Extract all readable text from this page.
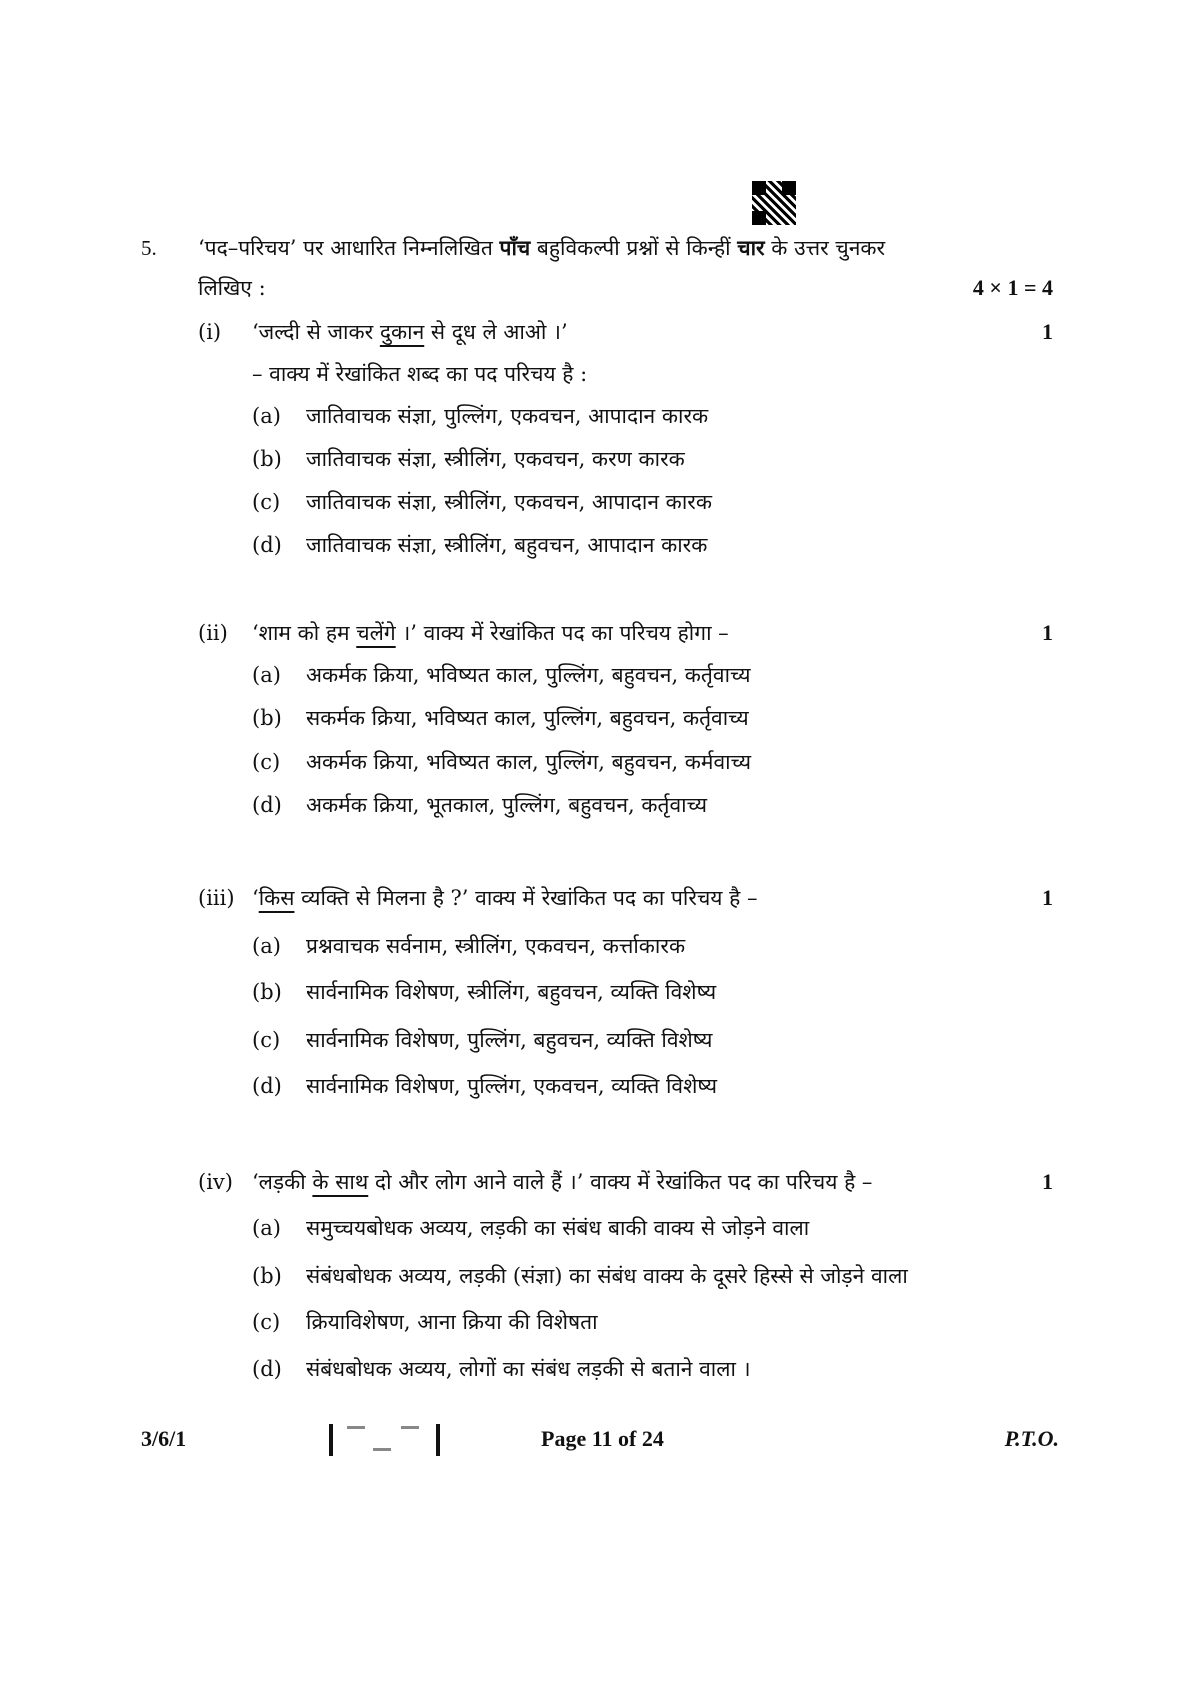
5. ‘पद–परिचय’ पर आधारित निम्नलिखित पाँच बहुविकल्पी प्रश्नों से किन्हीं चार के उत्तर चुनकर
लिखिए :	4 × 1 = 4
(i) ‘जल्दी से जाकर दुकान से दूध ले आओ ।’	1
– वाक्य में रेखांकित शब्द का पद परिचय है :
(a) जातिवाचक संज्ञा, पुल्लिंग, एकवचन, आपादान कारक
(b) जातिवाचक संज्ञा, स्त्रीलिंग, एकवचन, करण कारक
(c) जातिवाचक संज्ञा, स्त्रीलिंग, एकवचन, आपादान कारक
(d) जातिवाचक संज्ञा, स्त्रीलिंग, बहुवचन, आपादान कारक
(ii) ‘शाम को हम चलेंगे ।’ वाक्य में रेखांकित पद का परिचय होगा –	1
(a) अकर्मक क्रिया, भविष्यत काल, पुल्लिंग, बहुवचन, कर्तृवाच्य
(b) सकर्मक क्रिया, भविष्यत काल, पुल्लिंग, बहुवचन, कर्तृवाच्य
(c) अकर्मक क्रिया, भविष्यत काल, पुल्लिंग, बहुवचन, कर्मवाच्य
(d) अकर्मक क्रिया, भूतकाल, पुल्लिंग, बहुवचन, कर्तृवाच्य
(iii) ‘किस व्यक्ति से मिलना है ?’ वाक्य में रेखांकित पद का परिचय है –	1
(a) प्रश्नवाचक सर्वनाम, स्त्रीलिंग, एकवचन, कर्त्ताकारक
(b) सार्वनामिक विशेषण, स्त्रीलिंग, बहुवचन, व्यक्ति विशेष्य
(c) सार्वनामिक विशेषण, पुल्लिंग, बहुवचन, व्यक्ति विशेष्य
(d) सार्वनामिक विशेषण, पुल्लिंग, एकवचन, व्यक्ति विशेष्य
(iv) ‘लड़की के साथ दो और लोग आने वाले हैं ।’ वाक्य में रेखांकित पद का परिचय है –	1
(a) समुच्चयबोधक अव्यय, लड़की का संबंध बाकी वाक्य से जोड़ने वाला
(b) संबंधबोधक अव्यय, लड़की (संज्ञा) का संबंध वाक्य के दूसरे हिस्से से जोड़ने वाला
(c) क्रियाविशेषण, आना क्रिया की विशेषता
(d) संबंधबोधक अव्यय, लोगों का संबंध लड़की से बताने वाला ।
3/6/1	Page 11 of 24	P.T.O.
